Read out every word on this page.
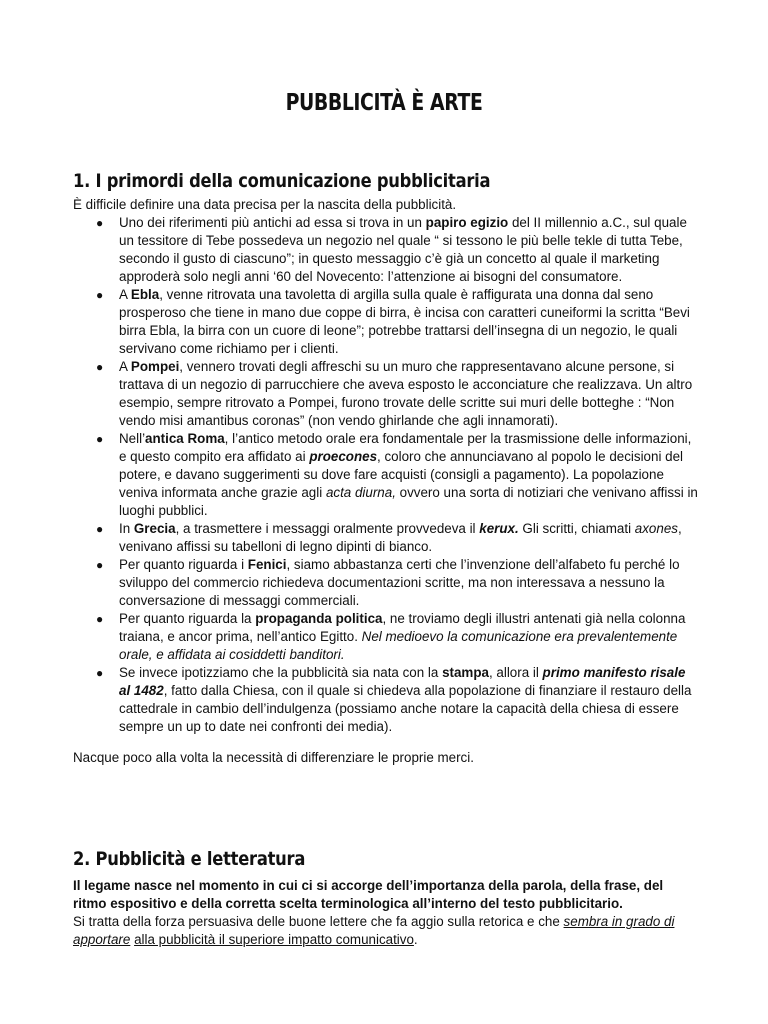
PUBBLICITÀ È ARTE
1. I primordi della comunicazione pubblicitaria
È difficile definire una data precisa per la nascita della pubblicità.
● Uno dei riferimenti più antichi ad essa si trova in un papiro egizio del II millennio a.C., sul quale un tessitore di Tebe possedeva un negozio nel quale “ si tessono le più belle tekle di tutta Tebe, secondo il gusto di ciascuno”; in questo messaggio c’è già un concetto al quale il marketing approderà solo negli anni ‘60 del Novecento: l’attenzione ai bisogni del consumatore.
● A Ebla, venne ritrovata una tavoletta di argilla sulla quale è raffigurata una donna dal seno prosperoso che tiene in mano due coppe di birra, è incisa con caratteri cuneiformi la scritta “Bevi birra Ebla, la birra con un cuore di leone”; potrebbe trattarsi dell’insegna di un negozio, le quali servivano come richiamo per i clienti.
● A Pompei, vennero trovati degli affreschi su un muro che rappresentavano alcune persone, si trattava di un negozio di parrucchiere che aveva esposto le acconciature che realizzava. Un altro esempio, sempre ritrovato a Pompei, furono trovate delle scritte sui muri delle botteghe : “Non vendo misi amantibus coronas” (non vendo ghirlande che agli innamorati).
● Nell’antica Roma, l’antico metodo orale era fondamentale per la trasmissione delle informazioni, e questo compito era affidato ai proecones, coloro che annunciavano al popolo le decisioni del potere, e davano suggerimenti su dove fare acquisti (consigli a pagamento). La popolazione veniva informata anche grazie agli acta diurna, ovvero una sorta di notiziari che venivano affissi in luoghi pubblici.
● In Grecia, a trasmettere i messaggi oralmente provvedeva il kerux. Gli scritti, chiamati axones, venivano affissi su tabelloni di legno dipinti di bianco.
● Per quanto riguarda i Fenici, siamo abbastanza certi che l’invenzione dell’alfabeto fu perché lo sviluppo del commercio richiedeva documentazioni scritte, ma non interessava a nessuno la conversazione di messaggi commerciali.
● Per quanto riguarda la propaganda politica, ne troviamo degli illustri antenati già nella colonna traiana, e ancor prima, nell’antico Egitto. Nel medioevo la comunicazione era prevalentemente orale, e affidata ai cosiddetti banditori.
● Se invece ipotizziamo che la pubblicità sia nata con la stampa, allora il primo manifesto risale al 1482, fatto dalla Chiesa, con il quale si chiedeva alla popolazione di finanziare il restauro della cattedrale in cambio dell’indulgenza (possiamo anche notare la capacità della chiesa di essere sempre un up to date nei confronti dei media).
Nacque poco alla volta la necessità di differenziare le proprie merci.
2. Pubblicità e letteratura
Il legame nasce nel momento in cui ci si accorge dell’importanza della parola, della frase, del ritmo espositivo e della corretta scelta terminologica all’interno del testo pubblicitario.
Si tratta della forza persuasiva delle buone lettere che fa aggio sulla retorica e che sembra in grado di apportare alla pubblicità il superiore impatto comunicativo.
